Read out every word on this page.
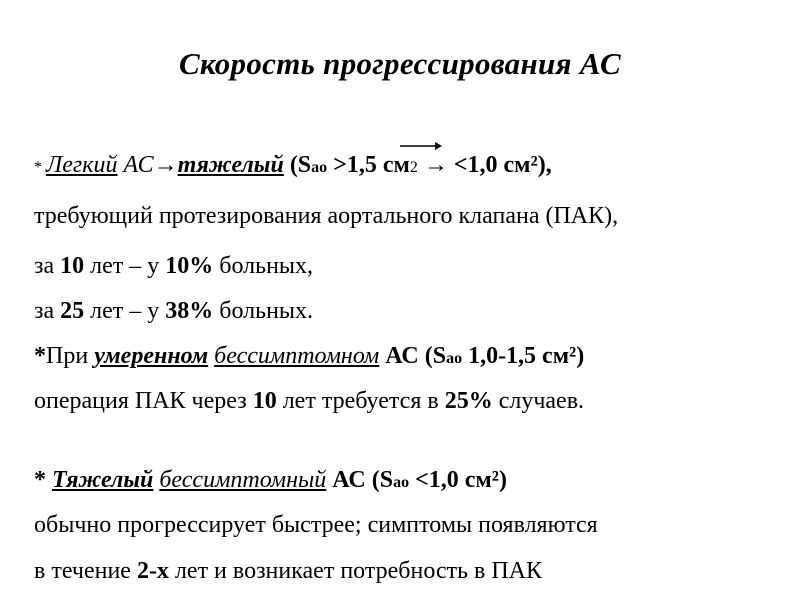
Скорость прогрессирования АС
* Легкий АС→тяжелый (Sao >1,5 см2 → <1,0 см²),
требующий протезирования аортального клапана (ПАК),
за 10 лет – у 10% больных,
за 25 лет – у 38% больных.
*При умеренном бессимптомном АС (Sao 1,0-1,5 см²)
операция ПАК через 10 лет требуется в 25% случаев.
* Тяжелый бессимптомный АС (Sao <1,0 см²)
обычно прогрессирует быстрее; симптомы появляются
в течение 2-х лет и возникает потребность в ПАК
